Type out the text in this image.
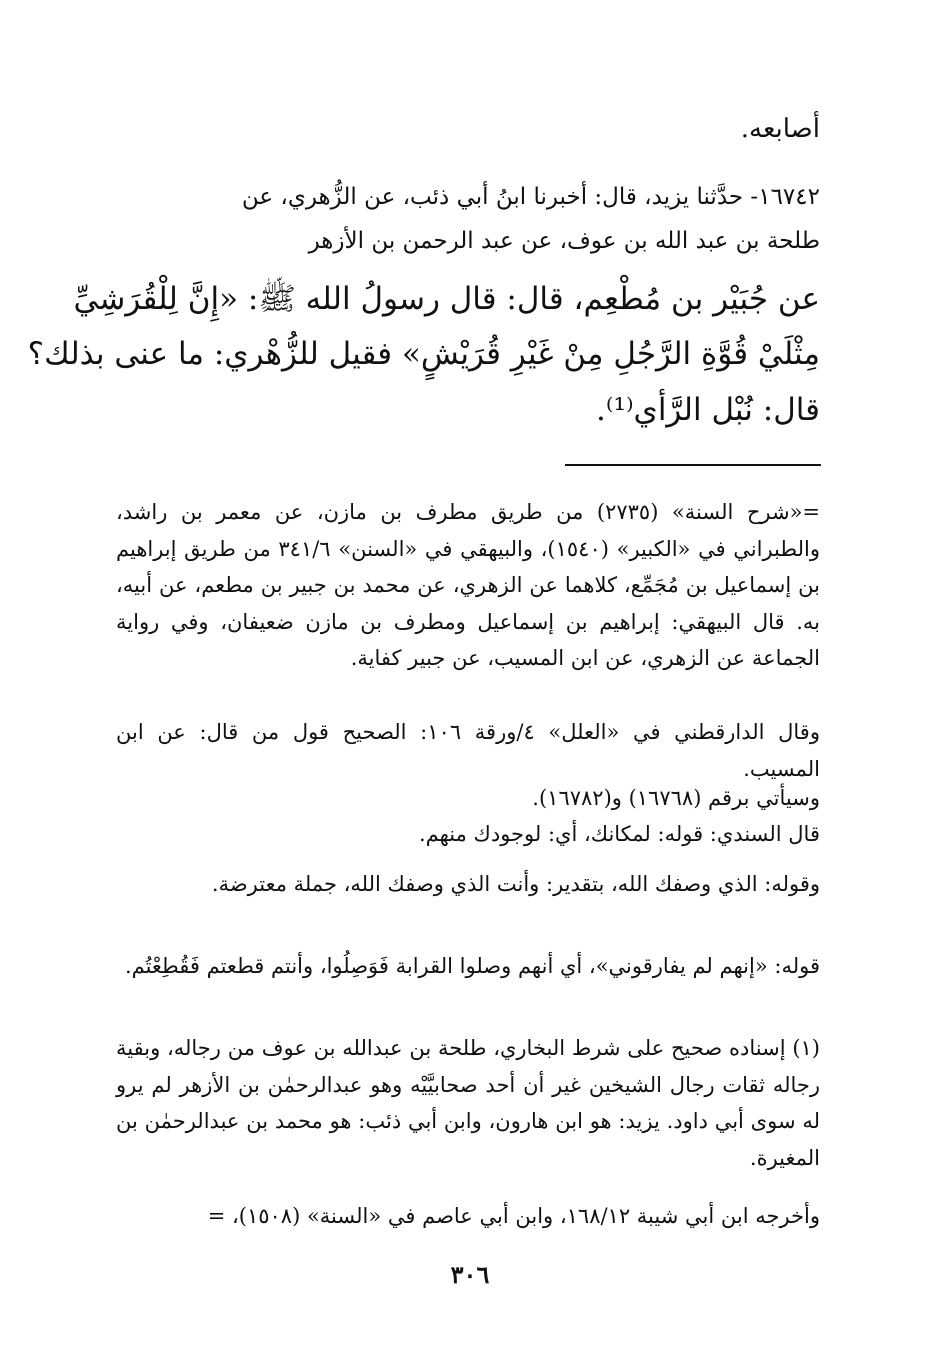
أصابعه.

١٦٧٤٢- حدَّثنا يزيد، قال: أخبرنا ابنُ أبي ذئب، عن الزُّهري، عن

طلحة بن عبد الله بن عوف، عن عبد الرحمن بن الأزهر

عن جُبَيْر بن مُطْعِم، قال: قال رسولُ الله ﷺ: «إِنَّ لِلْقُرَشِيِّ

مِثْلَيْ قُوَّةِ الرَّجُلِ مِنْ غَيْرِ قُرَيْشٍ» فقيل للزُّهْري: ما عنى بذلك؟

قال: نُبْل الرَّأي⁽¹⁾.

=«شرح السنة» (٢٧٣٥) من طريق مطرف بن مازن، عن معمر بن راشد، والطبراني في «الكبير» (١٥٤٠)، والبيهقي في «السنن» ٣٤١/٦ من طريق إبراهيم بن إسماعيل بن مُجَمِّع، كلاهما عن الزهري، عن محمد بن جبير بن مطعم، عن أبيه، به. قال البيهقي: إبراهيم بن إسماعيل ومطرف بن مازن ضعيفان، وفي رواية الجماعة عن الزهري، عن ابن المسيب، عن جبير كفاية.

وقال الدارقطني في «العلل» ٤/ورقة ١٠٦: الصحيح قول من قال: عن ابن المسيب.

وسيأتي برقم (١٦٧٦٨) و(١٦٧٨٢).

قال السندي: قوله: لمكانك، أي: لوجودك منهم.

وقوله: الذي وصفك الله، بتقدير: وأنت الذي وصفك الله، جملة معترضة.

قوله: «إنهم لم يفارقوني»، أي أنهم وصلوا القرابة فَوَصِلُوا، وأنتم قطعتم فَقُطِعْتُم.

(١) إسناده صحيح على شرط البخاري، طلحة بن عبدالله بن عوف من رجاله، وبقية رجاله ثقات رجال الشيخين غير أن أحد صحابيَّيْه وهو عبدالرحمٰن بن الأزهر لم يرو له سوى أبي داود. يزيد: هو ابن هارون، وابن أبي ذئب: هو محمد بن عبدالرحمٰن بن المغيرة.

وأخرجه ابن أبي شيبة ١٦٨/١٢، وابن أبي عاصم في «السنة» (١٥٠٨)، =

٣٠٦
